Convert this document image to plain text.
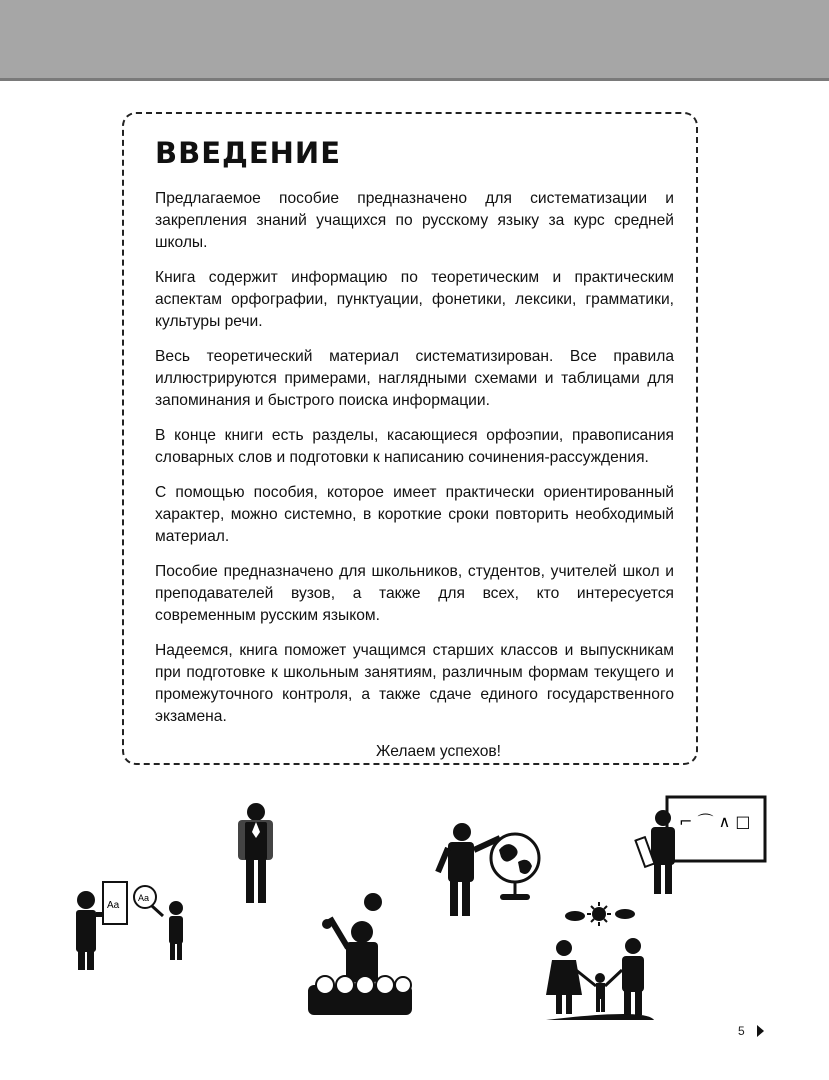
ВВЕДЕНИЕ

Предлагаемое пособие предназначено для систематизации и закрепления знаний учащихся по русскому языку за курс средней школы.

Книга содержит информацию по теоретическим и практическим аспектам орфографии, пунктуации, фонетики, лексики, грамматики, культуры речи.

Весь теоретический материал систематизирован. Все правила иллюстрируются примерами, наглядными схемами и таблицами для запоминания и быстрого поиска информации.

В конце книги есть разделы, касающиеся орфоэпии, правописания словарных слов и подготовки к написанию сочинения-рассуждения.

С помощью пособия, которое имеет практически ориентированный характер, можно системно, в короткие сроки повторить необходимый материал.

Пособие предназначено для школьников, студентов, учителей школ и преподавателей вузов, а также для всех, кто интересуется современным русским языком.

Надеемся, книга поможет учащимся старших классов и выпускникам при подготовке к школьным занятиям, различным формам текущего и промежуточного контроля, а также сдаче единого государственного экзамена.

Желаем успехов!

Aa
Aa
⌐ ⌒ ∧ □
5
